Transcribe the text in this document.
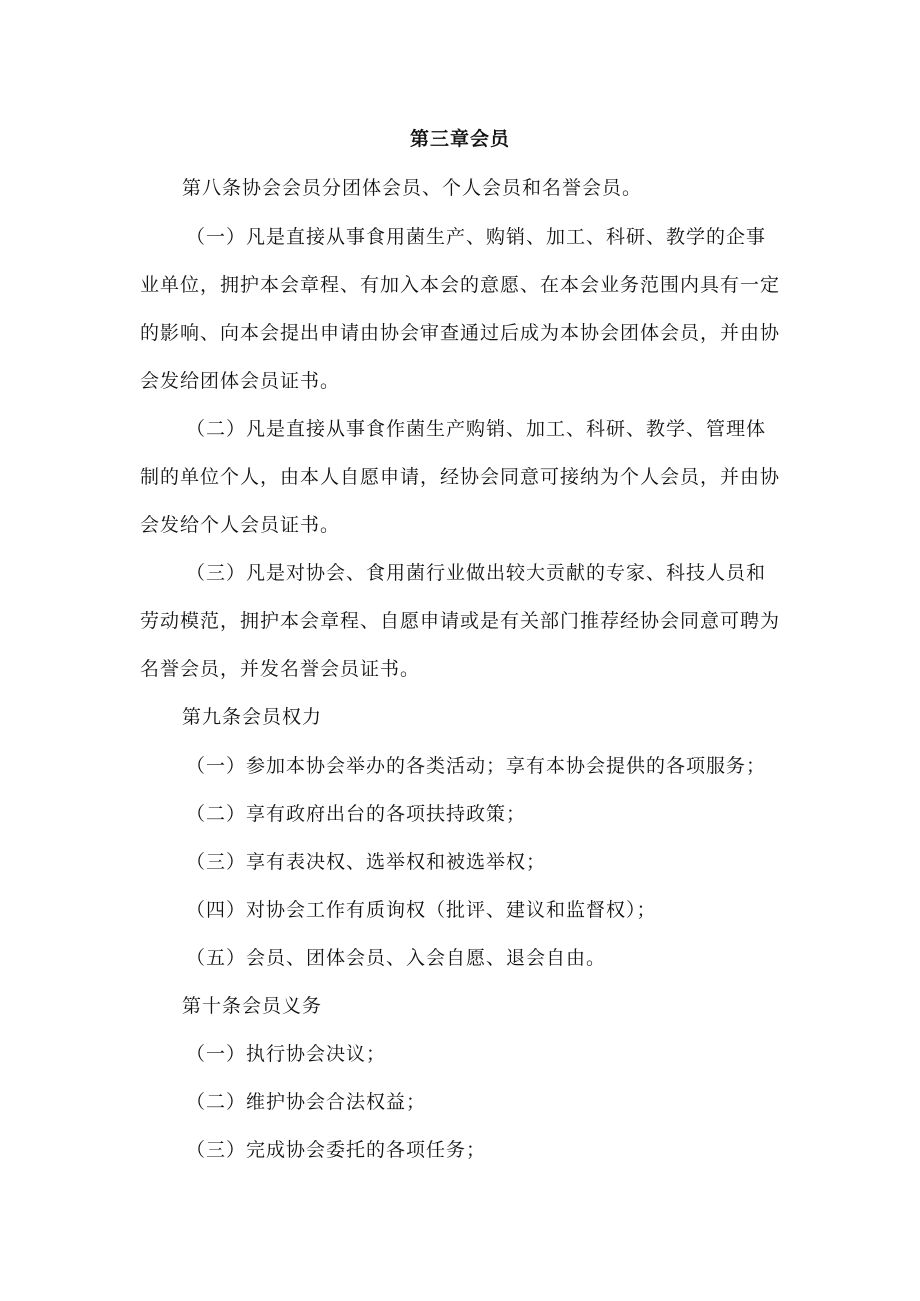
第三章会员
第八条协会会员分团体会员、个人会员和名誉会员。
（一）凡是直接从事食用菌生产、购销、加工、科研、教学的企事
业单位，拥护本会章程、有加入本会的意愿、在本会业务范围内具有一定
的影响、向本会提出申请由协会审查通过后成为本协会团体会员，并由协
会发给团体会员证书。
（二）凡是直接从事食作菌生产购销、加工、科研、教学、管理体
制的单位个人，由本人自愿申请，经协会同意可接纳为个人会员，并由协
会发给个人会员证书。
（三）凡是对协会、食用菌行业做出较大贡献的专家、科技人员和
劳动模范，拥护本会章程、自愿申请或是有关部门推荐经协会同意可聘为
名誉会员，并发名誉会员证书。
第九条会员权力
（一）参加本协会举办的各类活动；享有本协会提供的各项服务；
（二）享有政府出台的各项扶持政策；
（三）享有表决权、选举权和被选举权；
（四）对协会工作有质询权（批评、建议和监督权）；
（五）会员、团体会员、入会自愿、退会自由。
第十条会员义务
（一）执行协会决议；
（二）维护协会合法权益；
（三）完成协会委托的各项任务；
